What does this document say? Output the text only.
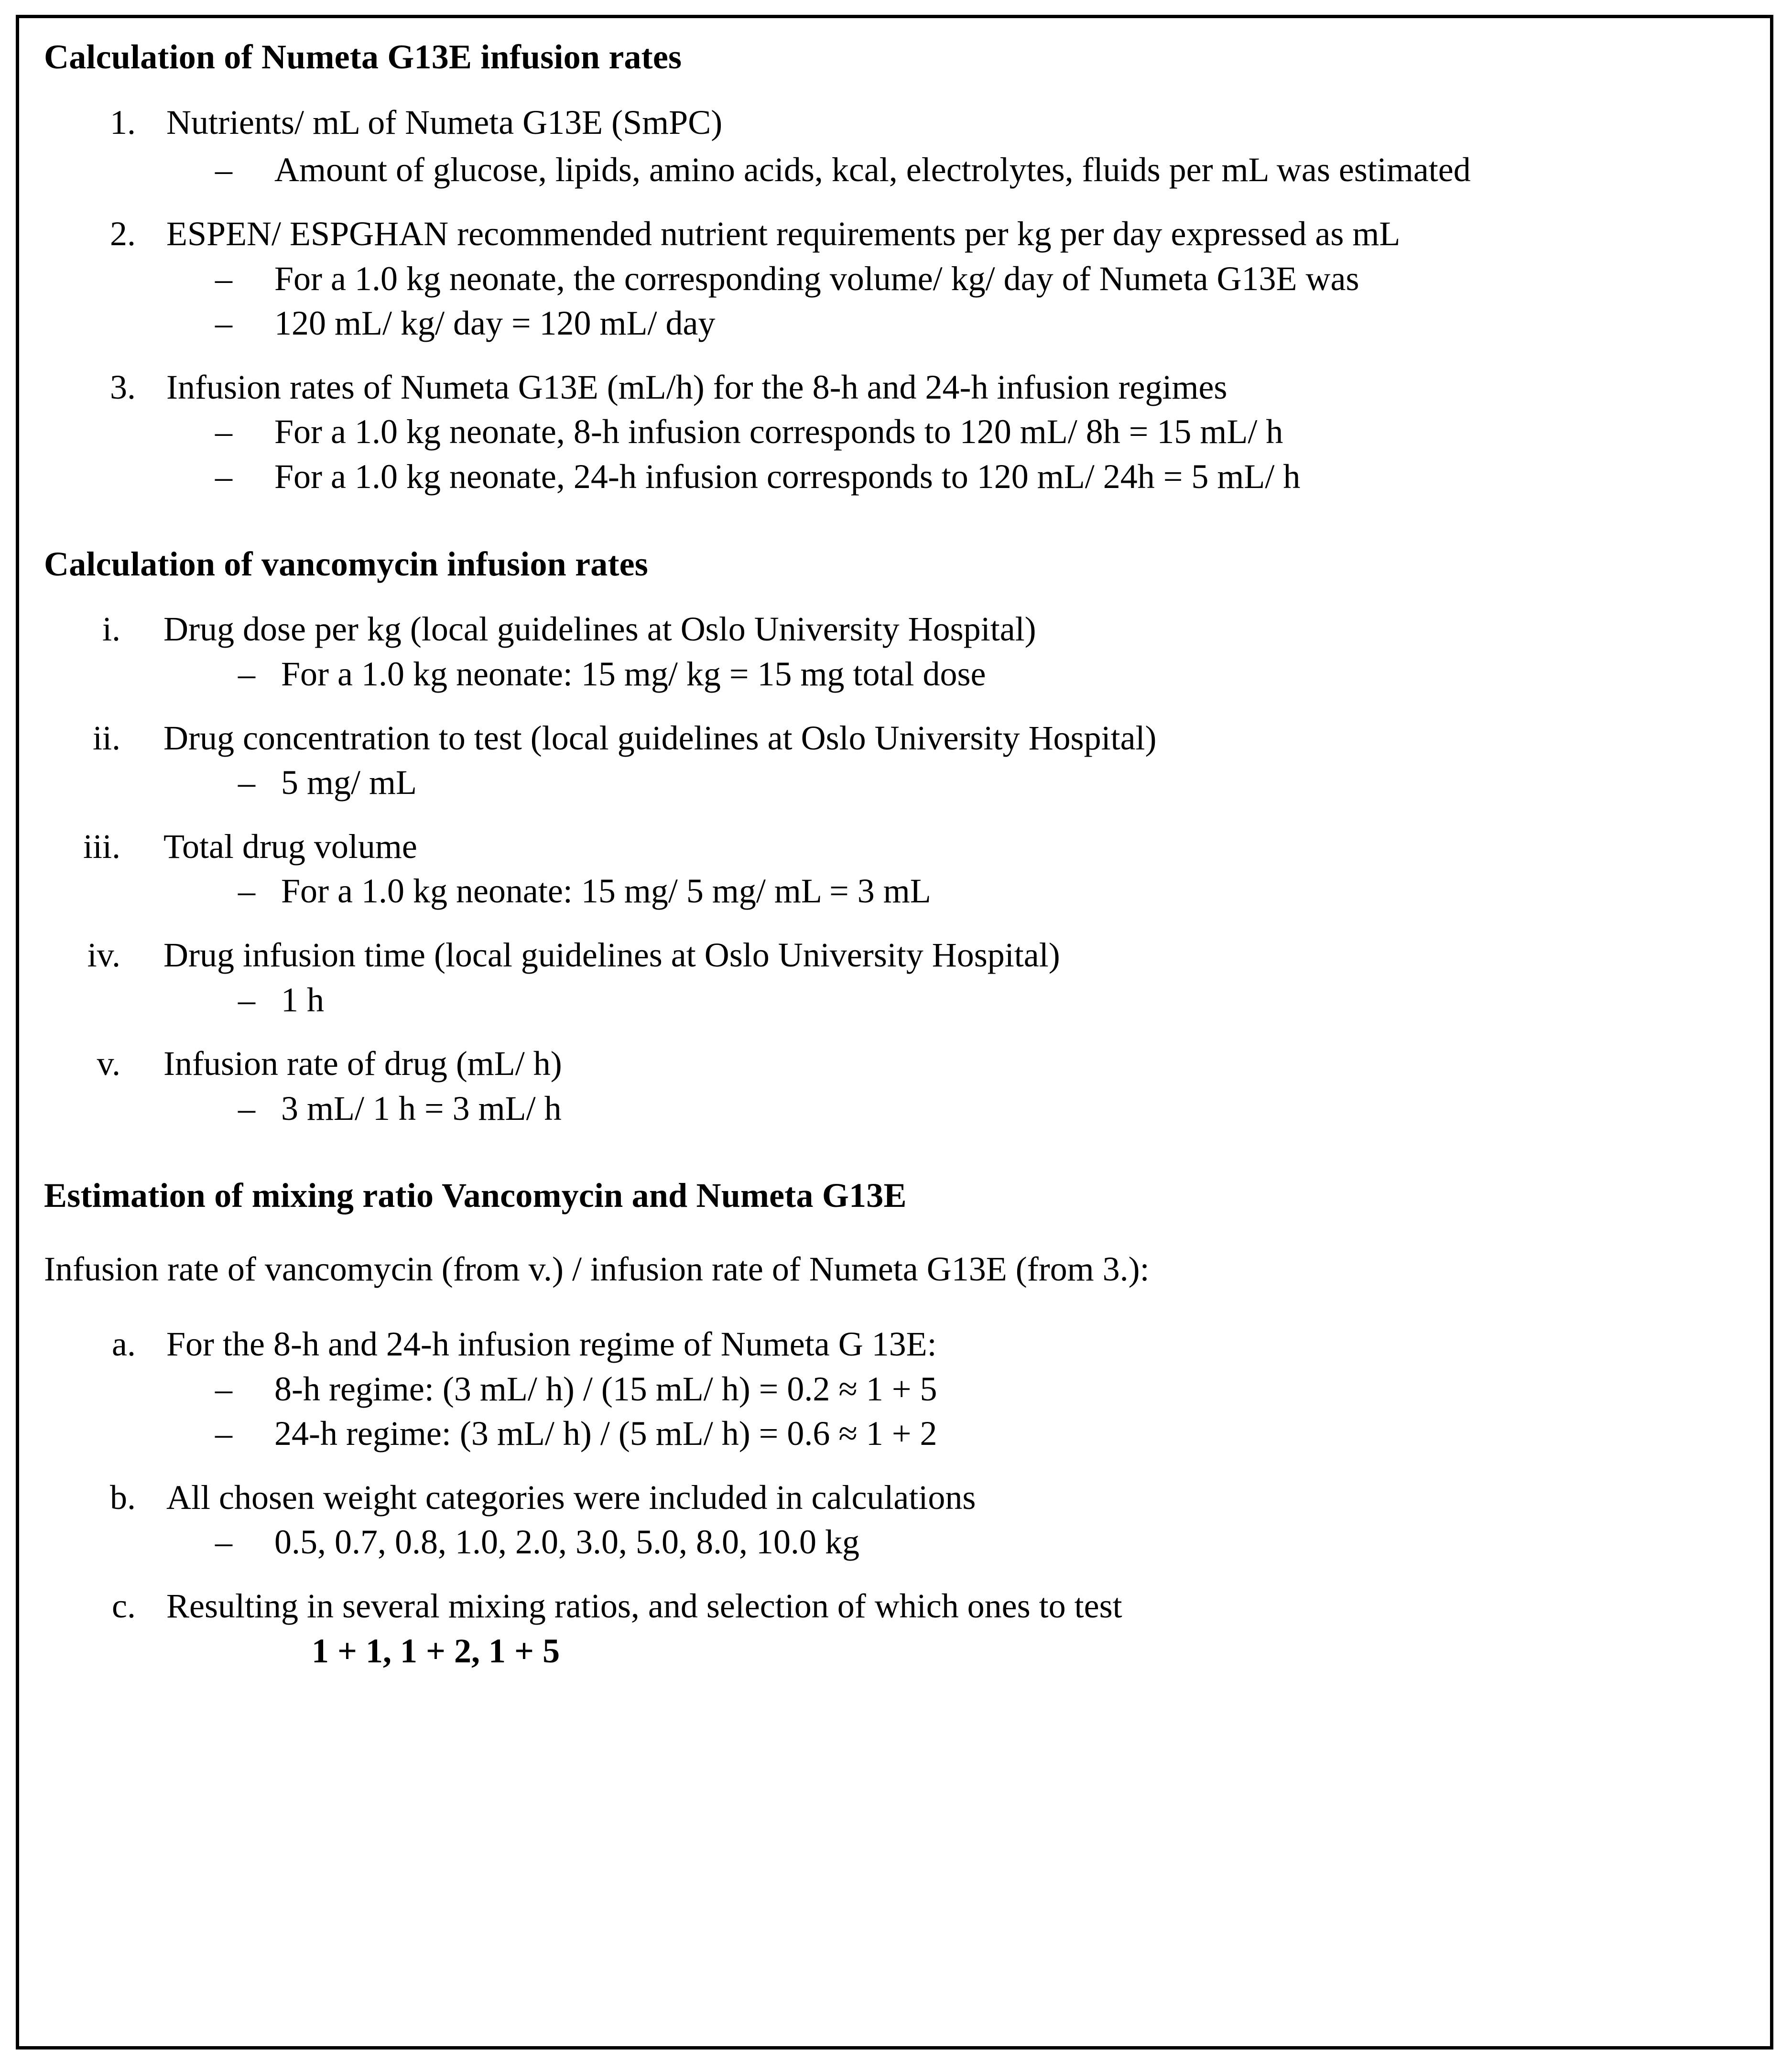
Calculation of Numeta G13E infusion rates
1. Nutrients/ mL of Numeta G13E (SmPC)
–	Amount of glucose, lipids, amino acids, kcal, electrolytes, fluids per mL was estimated
2. ESPEN/ ESPGHAN recommended nutrient requirements per kg per day expressed as mL
–	For a 1.0 kg neonate, the corresponding volume/ kg/ day of Numeta G13E was
–	120 mL/ kg/ day = 120 mL/ day
3. Infusion rates of Numeta G13E (mL/h) for the 8-h and 24-h infusion regimes
–	For a 1.0 kg neonate, 8-h infusion corresponds to 120 mL/ 8h = 15 mL/ h
–	For a 1.0 kg neonate, 24-h infusion corresponds to 120 mL/ 24h = 5 mL/ h
Calculation of vancomycin infusion rates
i.	Drug dose per kg (local guidelines at Oslo University Hospital)
– For a 1.0 kg neonate: 15 mg/ kg = 15 mg total dose
ii.	Drug concentration to test (local guidelines at Oslo University Hospital)
– 5 mg/ mL
iii.	Total drug volume
– For a 1.0 kg neonate: 15 mg/ 5 mg/ mL = 3 mL
iv.	Drug infusion time (local guidelines at Oslo University Hospital)
– 1 h
v.	Infusion rate of drug (mL/ h)
– 3 mL/ 1 h = 3 mL/ h
Estimation of mixing ratio Vancomycin and Numeta G13E
Infusion rate of vancomycin (from v.) / infusion rate of Numeta G13E (from 3.):
a. For the 8-h and 24-h infusion regime of Numeta G 13E:
–	8-h regime: (3 mL/ h) / (15 mL/ h) = 0.2 ≈ 1 + 5
–	24-h regime: (3 mL/ h) / (5 mL/ h) = 0.6 ≈ 1 + 2
b. All chosen weight categories were included in calculations
–	0.5, 0.7, 0.8, 1.0, 2.0, 3.0, 5.0, 8.0, 10.0 kg
c. Resulting in several mixing ratios, and selection of which ones to test
1 + 1, 1 + 2, 1 + 5
